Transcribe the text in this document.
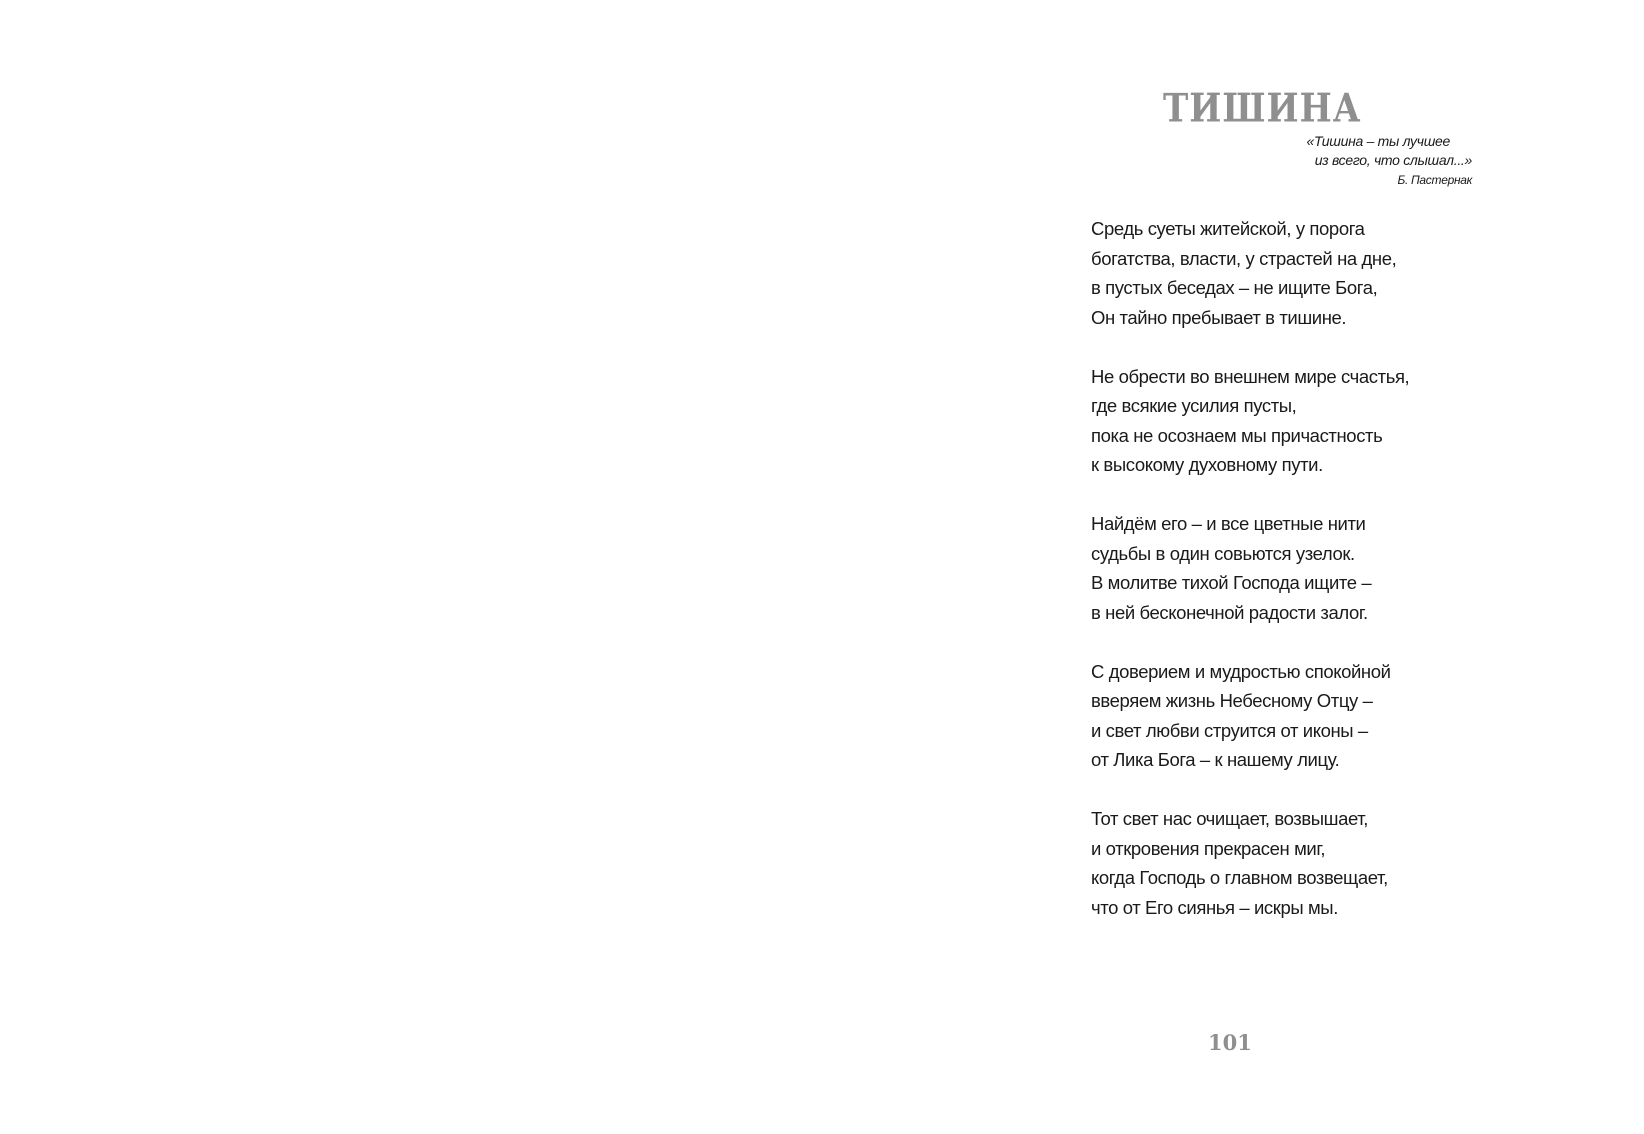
ТИШИНА
«Тишина – ты лучшее
из всего, что слышал...»
Б. Пастернак
Средь суеты житейской, у порога
богатства, власти, у страстей на дне,
в пустых беседах – не ищите Бога,
Он тайно пребывает в тишине.
Не обрести во внешнем мире счастья,
где всякие усилия пусты,
пока не осознаем мы причастность
к высокому духовному пути.
Найдём его – и все цветные нити
судьбы в один совьются узелок.
В молитве тихой Господа ищите –
в ней бесконечной радости залог.
С доверием и мудростью спокойной
вверяем жизнь Небесному Отцу –
и свет любви струится от иконы –
от Лика Бога – к нашему лицу.
Тот свет нас очищает, возвышает,
и откровения прекрасен миг,
когда Господь о главном возвещает,
что от Его сиянья – искры мы.
101
